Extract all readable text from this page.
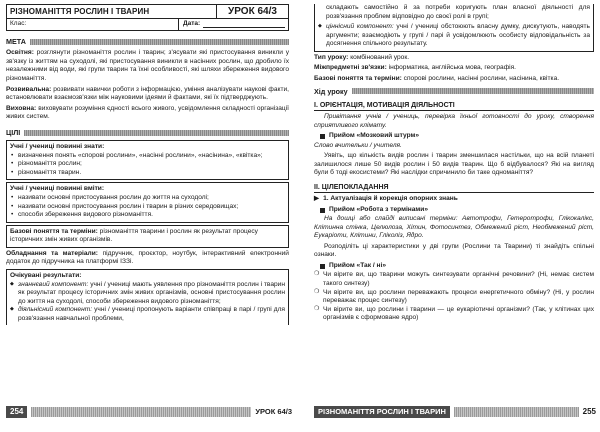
РІЗНОМАНІТТЯ РОСЛИН І ТВАРИН	УРОК 64/3
Клас:	Дата:
МЕТА

Освітня: розглянути різноманіття рослин і тварин; з'ясувати які пристосування виникли у зв'язку із життям на суходолі, які пристосування виникли в насінних рослин, що дробило їх незалежними від води, які групи тварин та їхні особливості, які шляхи збереження видового різноманіття.

Розвивальна: розвивати навички роботи з інформацією, уміння аналізувати наукові факти, встановлювати взаємозв'язки між науковими ідеями й фактами, які їх підтверджують.

Виховна: виховувати розуміння єдності всього живого, усвідомлення складності організації живих систем.

ЦІЛІ
Учні / учениці повинні знати:
• визначення понять «спорові рослини», «насінні рослини», «насінина», «квітка»;
• різноманіття рослин;
• різноманіття тварин.
Учні / учениці повинні вміти:
• називати основні пристосування рослин до життя на суходолі;
• називати основні пристосування рослин і тварин в різних середовищах;
• способи збереження видового різноманіття.
Базові поняття та терміни: різноманіття тварини і рослин як результат процесу історичних змін живих організмів.

Обладнання та матеріали: підручник, проєктор, ноутбук, інтерактивний електронний додаток до підручника на платформі ІЗЗі.

Очікувані результати:
◆ знаннєвий компонент: учні / учениці мають уявлення про різноманіття рослин і тварин як результат процесу історичних змін живих організмів, основні пристосування рослин до життя на суходолі, способи збереження видового різноманіття;
◆ діяльнісний компонент: учні / учениці пропонують варіанти співпраці в парі / групі для розв'язання навчальної проблеми,
254	УРОК 64/3

складають самостійно й за потреби коригують план власної діяльності для розв'язання проблем відповідно до своєї ролі в групі;

◆ ціннісний компонент: учні / учениці обстоюють власну думку, дискутують, наводять аргументи; взаємодіють у групі / парі й усвідомлюють особисту відповідальність за досягнення спільного результату.

Тип уроку: комбінований урок.

Міжпредметні зв'язки: інформатика, англійська мова, географія.

Базові поняття та терміни: спорові рослини, насінні рослини, насінина, квітка.

Хід уроку
I. ОРІЄНТАЦІЯ, МОТИВАЦІЯ ДІЯЛЬНОСТІ

Привітання учнів / учениць, перевірка їхньої готовності до уроку, створення сприятливого клімату.

Прийом «Мозковий штурм»

Слово вчительки / учителя.

Уявіть, що кількість видів рослин і тварин зменшилася настільки, що на всій планеті залишилося лише 50 видів рослин і 50 видів тварин. Що б відбувалося? Які на вигляд були б тоді екосистеми? Які наслідки спричинило би таке одноманіття?

II. ЦІЛЕПОКЛАДАННЯ
▶ 1. Актуалізація й корекція опорних знань
Прийом «Робота з термінами»

На дошці або слайді виписані терміни: Автотрофи, Гетеротрофи, Глікокалікс, Клітинна стінка, Целюлоза, Хітин, Фотосинтез, Обмежений ріст, Необмежений ріст, Еукаріоти, Клітини, Гліколіз, Ядро.

Розподіліть ці характеристики у дві групи (Рослини та Тварини) ті знайдіть спільні ознаки.

Прийом «Так / ні»
❍ Чи вірите ви, що тварини можуть синтезувати органічні речовини? (Ні, немає систем такого синтезу)
❍ Чи вірите ви, що рослини переважають процеси енергетичного обміну? (Ні, у рослин переважає процес синтезу)
❍ Чи вірите ви, що рослини і тварини — це еукаріотичні організми? (Так, у клітинах цих організмів є сформоване ядро)
РІЗНОМАНІТТЯ РОСЛИН І ТВАРИН	255
